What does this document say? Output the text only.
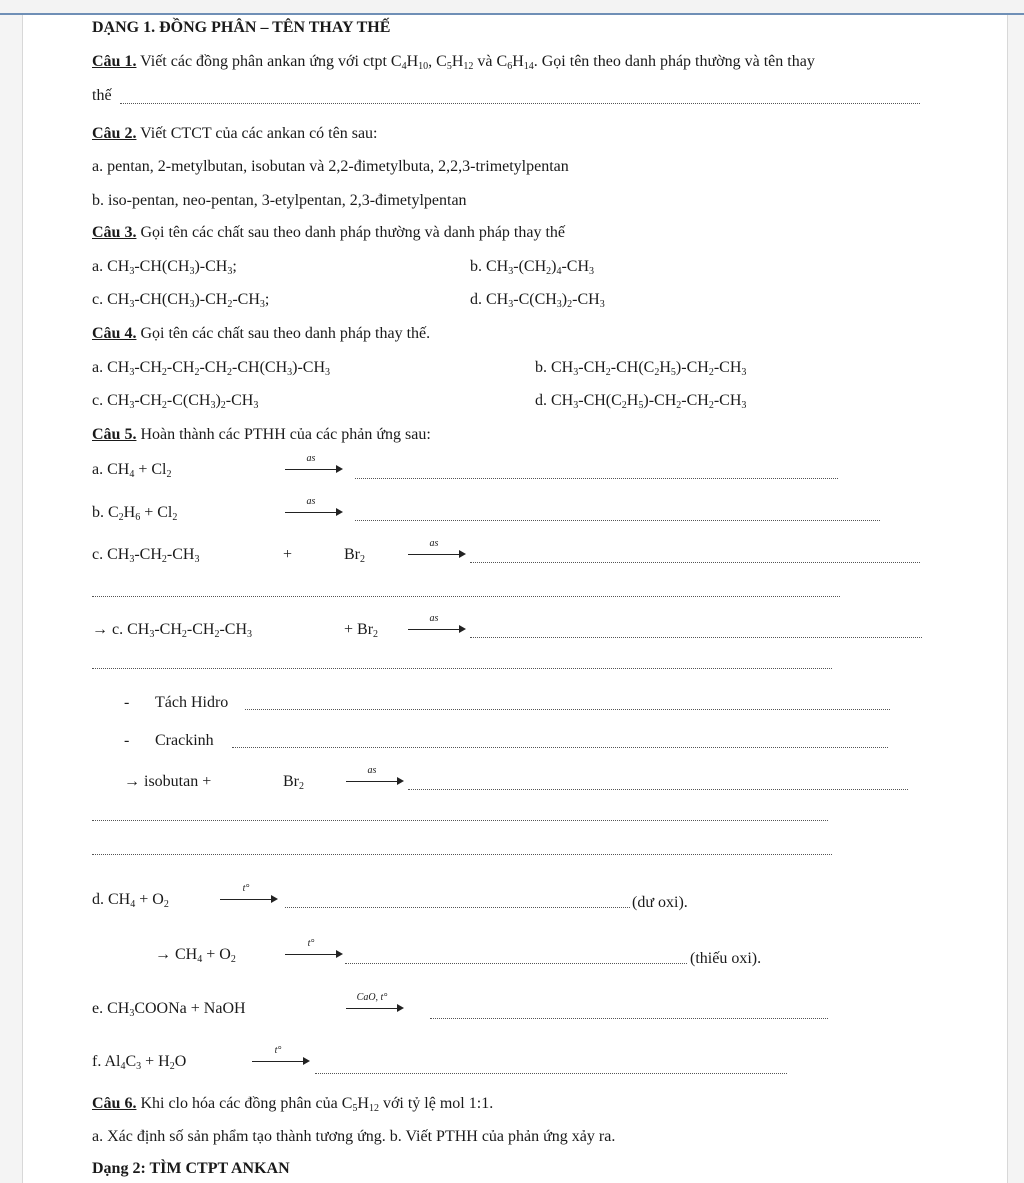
DẠNG 1. ĐỒNG PHÂN – TÊN THAY THẾ
Câu 1. Viết các đồng phân ankan ứng với ctpt $C_4H_{10}$, $C_5H_{12}$ và $C_6H_{14}$. Gọi tên theo danh pháp thường và tên thay
thế
Câu 2. Viết CTCT của các ankan có tên sau:
a. pentan, 2-metylbutan, isobutan và 2,2-đimetylbuta, 2,2,3-trimetylpentan
b. iso-pentan, neo-pentan, 3-etylpentan, 2,3-đimetylpentan
Câu 3. Gọi tên các chất sau theo danh pháp thường và danh pháp thay thế
a. $CH_3-CH(CH_3)-CH_3$;	b. $CH_3-(CH_2)_4-CH_3$
c. $CH_3-CH(CH_3)-CH_2-CH_3$;	d. $CH_3-C(CH_3)_2-CH_3$
Câu 4. Gọi tên các chất sau theo danh pháp thay thế.
a. $CH_3-CH_2-CH_2-CH_2-CH(CH_3)-CH_3$	b. $CH_3-CH_2-CH(C_2H_5)-CH_2-CH_3$
c. $CH_3-CH_2-C(CH_3)_2-CH_3$	d. $CH_3-CH(C_2H_5)-CH_2-CH_2-CH_3$
Câu 5. Hoàn thành các PTHH của các phản ứng sau:
a. $CH_4 + Cl_2$
as
b. $C_2H_6 + Cl_2$
as
c. $CH_3-CH_2-CH_3$	+	$Br_2$
as
→ c. $CH_3-CH_2-CH_2-CH_3$	+ $Br_2$
as
- Tách Hidro
- Crackinh
→ isobutan +	$Br_2$
as
d. $CH_4 + O_2$
t°
(dư oxi).
→ $CH_4 + O_2$
t°
(thiếu oxi).
e. $CH_3COONa$ + NaOH
CaO, t°
f. $Al_4C_3 + H_2O$
t°
Câu 6. Khi clo hóa các đồng phân của $C_5H_{12}$ với tỷ lệ mol 1:1.
a. Xác định số sản phẩm tạo thành tương ứng. b. Viết PTHH của phản ứng xảy ra.
Dạng 2: TÌM CTPT ANKAN
